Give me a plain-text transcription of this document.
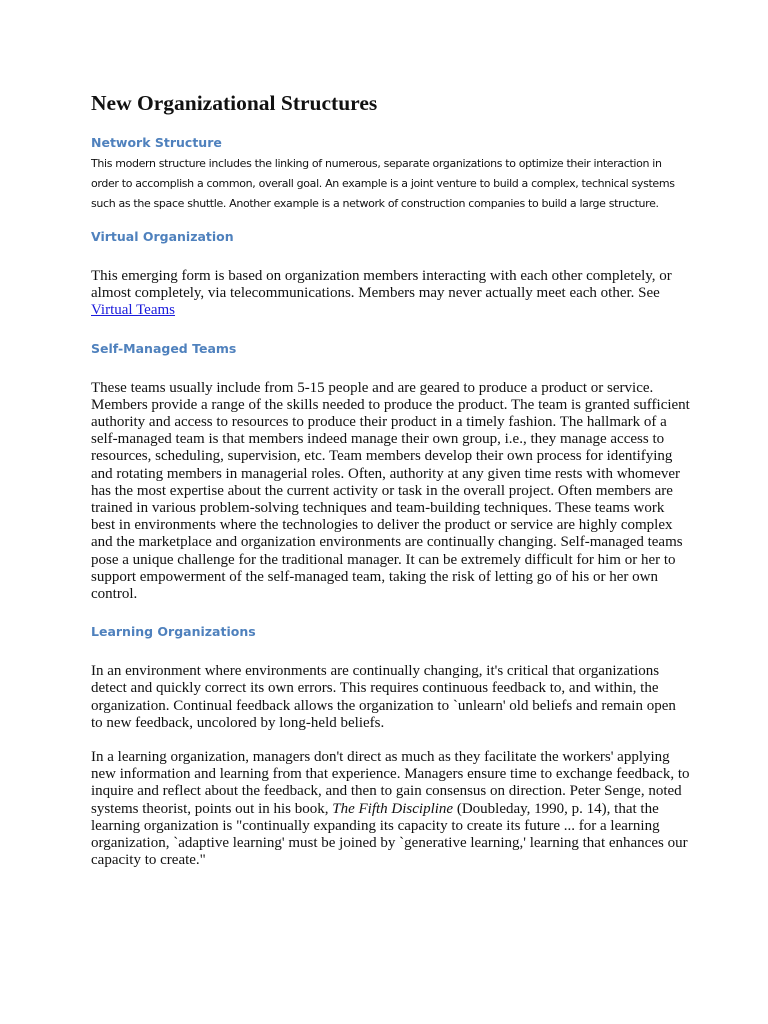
New Organizational Structures
Network Structure

This modern structure includes the linking of numerous, separate organizations to optimize their interaction in order to accomplish a common, overall goal. An example is a joint venture to build a complex, technical systems such as the space shuttle. Another example is a network of construction companies to build a large structure.

Virtual Organization

This emerging form is based on organization members interacting with each other completely, or almost completely, via telecommunications. Members may never actually meet each other. See Virtual Teams

Self-Managed Teams

These teams usually include from 5-15 people and are geared to produce a product or service. Members provide a range of the skills needed to produce the product. The team is granted sufficient authority and access to resources to produce their product in a timely fashion. The hallmark of a self-managed team is that members indeed manage their own group, i.e., they manage access to resources, scheduling, supervision, etc. Team members develop their own process for identifying and rotating members in managerial roles. Often, authority at any given time rests with whomever has the most expertise about the current activity or task in the overall project. Often members are trained in various problem-solving techniques and team-building techniques. These teams work best in environments where the technologies to deliver the product or service are highly complex and the marketplace and organization environments are continually changing. Self-managed teams pose a unique challenge for the traditional manager. It can be extremely difficult for him or her to support empowerment of the self-managed team, taking the risk of letting go of his or her own control.

Learning Organizations

In an environment where environments are continually changing, it's critical that organizations detect and quickly correct its own errors. This requires continuous feedback to, and within, the organization. Continual feedback allows the organization to `unlearn' old beliefs and remain open to new feedback, uncolored by long-held beliefs.

In a learning organization, managers don't direct as much as they facilitate the workers' applying new information and learning from that experience. Managers ensure time to exchange feedback, to inquire and reflect about the feedback, and then to gain consensus on direction. Peter Senge, noted systems theorist, points out in his book, The Fifth Discipline (Doubleday, 1990, p. 14), that the learning organization is "continually expanding its capacity to create its future ... for a learning organization, `adaptive learning' must be joined by `generative learning,' learning that enhances our capacity to create."
